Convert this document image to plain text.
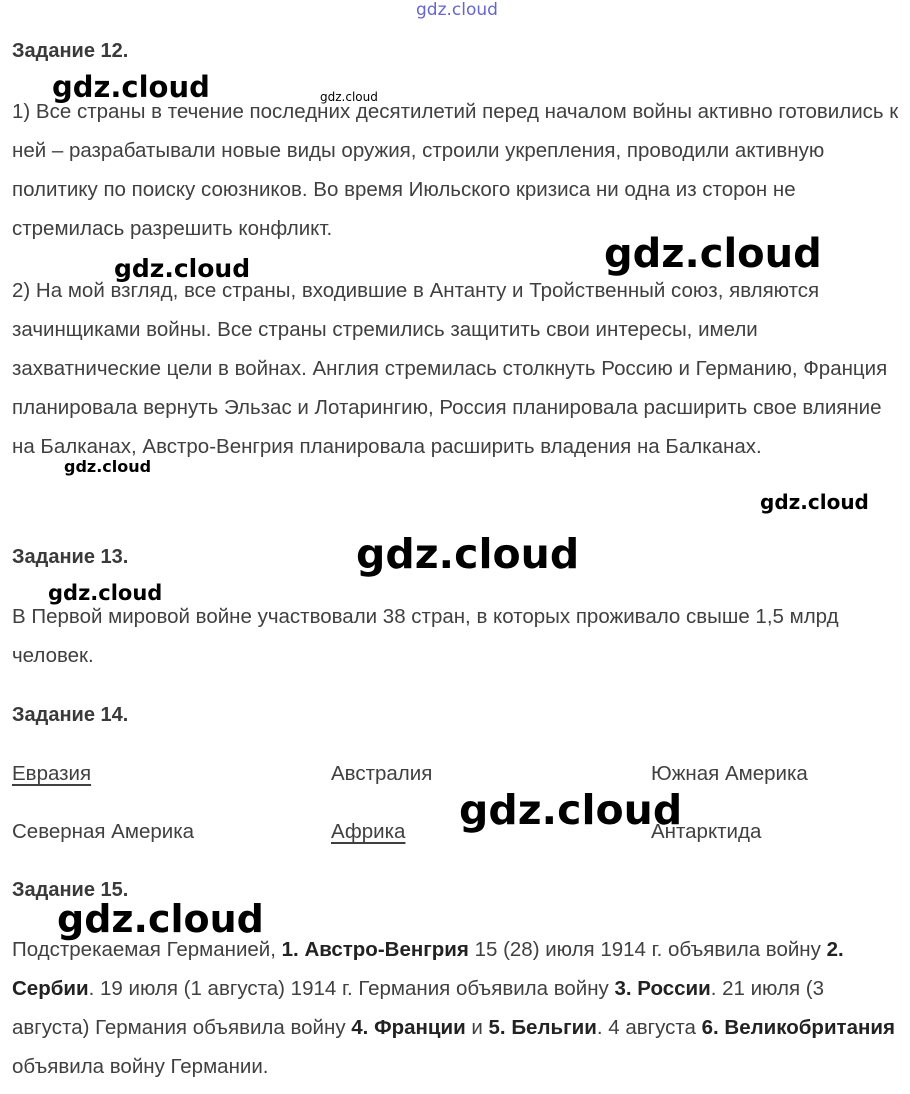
Задание 12.

1) Все страны в течение последних десятилетий перед началом войны активно готовились к ней – разрабатывали новые виды оружия, строили укрепления, проводили активную политику по поиску союзников. Во время Июльского кризиса ни одна из сторон не стремилась разрешить конфликт.

2) На мой взгляд, все страны, входившие в Антанту и Тройственный союз, являются зачинщиками войны. Все страны стремились защитить свои интересы, имели захватнические цели в войнах. Англия стремилась столкнуть Россию и Германию, Франция планировала вернуть Эльзас и Лотарингию, Россия планировала расширить свое влияние на Балканах, Австро-Венгрия планировала расширить владения на Балканах.

Задание 13.

В Первой мировой войне участвовали 38 стран, в которых проживало свыше 1,5 млрд человек.

Задание 14.
Евразия	Австралия	Южная Америка
Северная Америка	Африка	Антарктида
Задание 15.

Подстрекаемая Германией, 1. Австро-Венгрия 15 (28) июля 1914 г. объявила войну 2. Сербии. 19 июля (1 августа) 1914 г. Германия объявила войну 3. России. 21 июля (3 августа) Германия объявила войну 4. Франции и 5. Бельгии. 4 августа 6. Великобритания объявила войну Германии.

gdz.cloud
gdz.cloud	gdz.cloud
gdz.cloud
gdz.cloud
gdz.cloud
gdz.cloud
gdz.cloud
gdz.cloud
gdz.cloud
gdz.cloud
